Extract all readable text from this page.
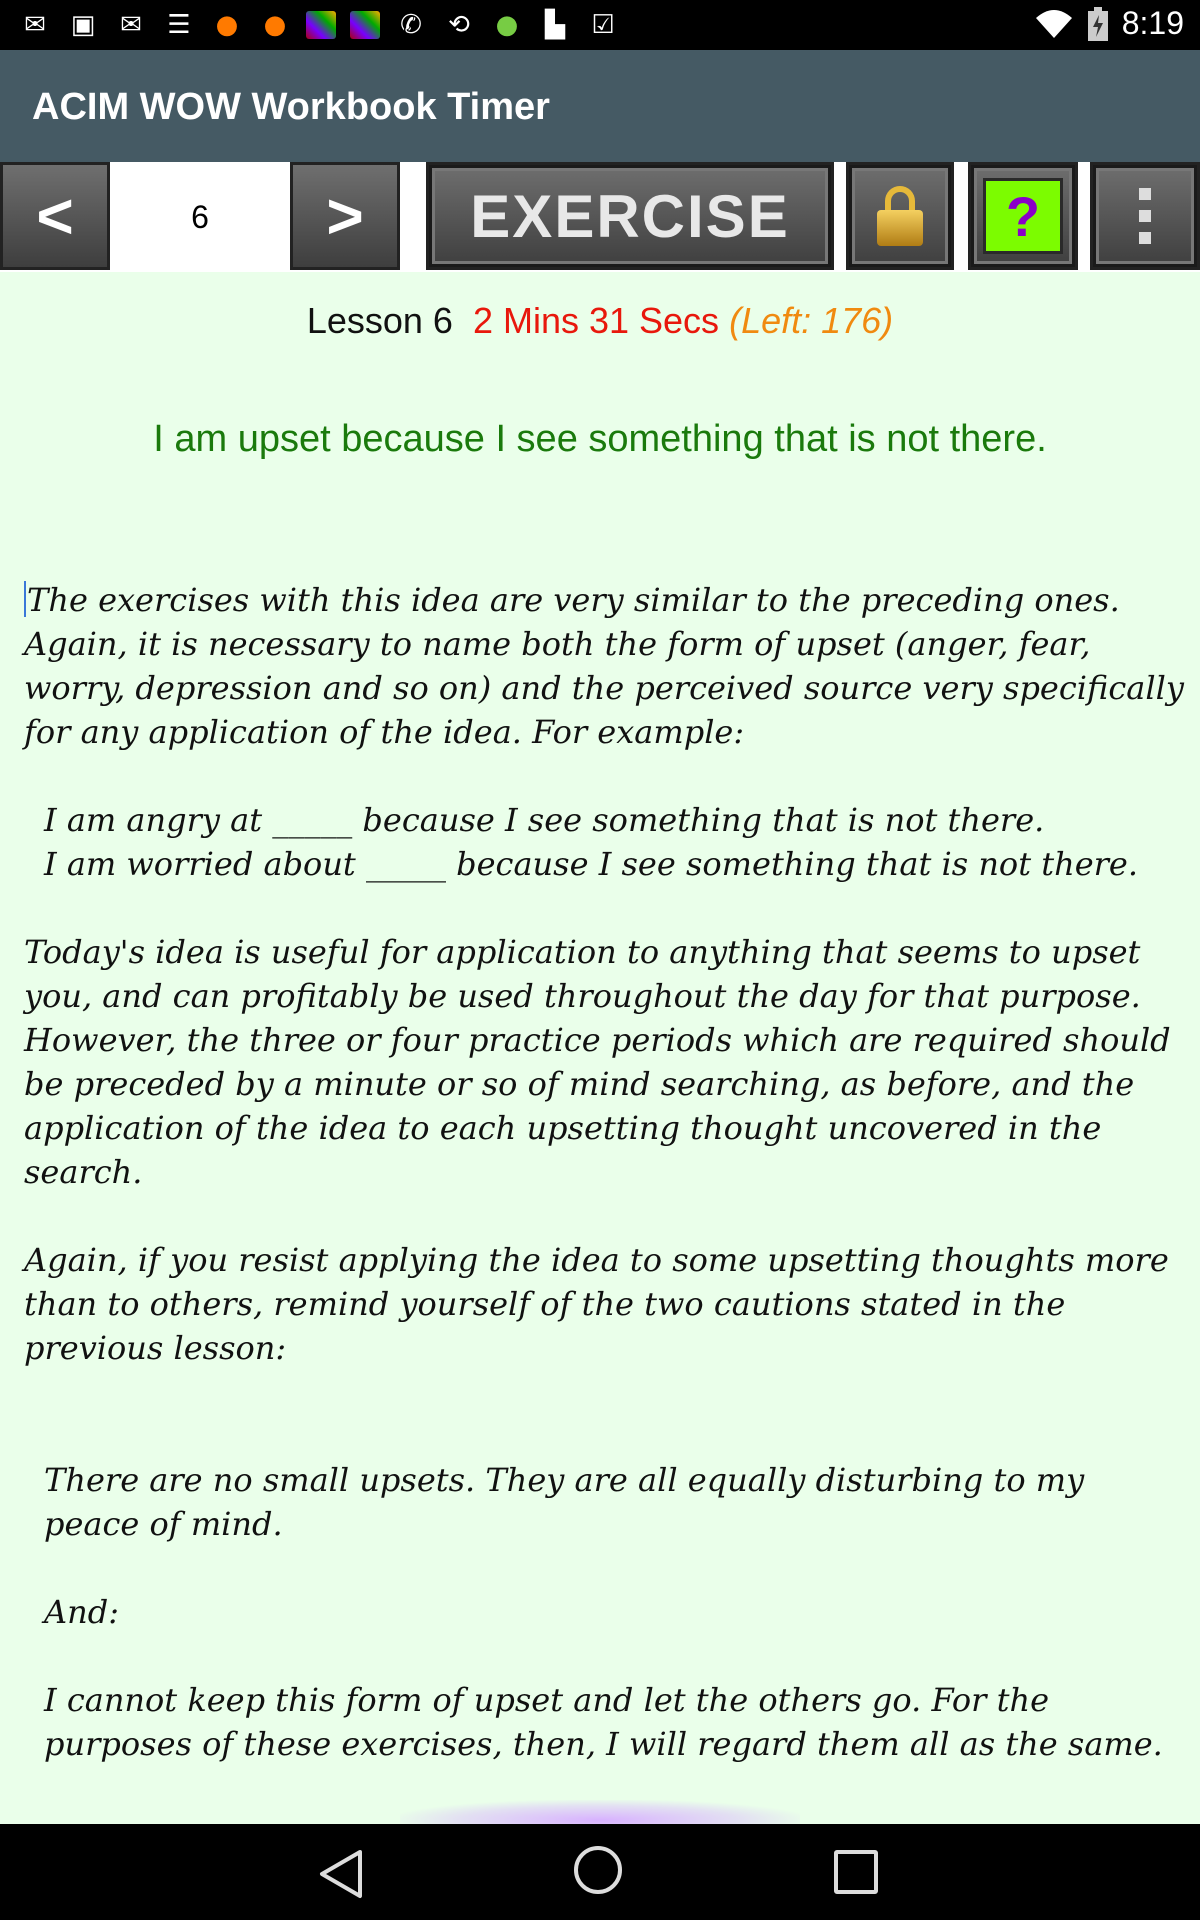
✉ ▣ ✉ ☰ ● ●	✆ ⟲ ● ▙ ☑	8:19
ACIM WOW Workbook Timer
<	6	> EXERCISE	?
Lesson 6 2 Mins 31 Secs (Left: 176)
I am upset because I see something that is not there.

The exercises with this idea are very similar to the preceding ones. Again, it is necessary to name both the form of upset (anger, fear, worry, depression and so on) and the perceived source very specifically for any application of the idea. For example:

I am angry at _____ because I see something that is not there.

I am worried about _____ because I see something that is not there.

Today's idea is useful for application to anything that seems to upset you, and can profitably be used throughout the day for that purpose. However, the three or four practice periods which are required should be preceded by a minute or so of mind searching, as before, and the application of the idea to each upsetting thought uncovered in the search.

Again, if you resist applying the idea to some upsetting thoughts more than to others, remind yourself of the two cautions stated in the previous lesson:

There are no small upsets. They are all equally disturbing to my peace of mind.

And:

I cannot keep this form of upset and let the others go. For the purposes of these exercises, then, I will regard them all as the same.
